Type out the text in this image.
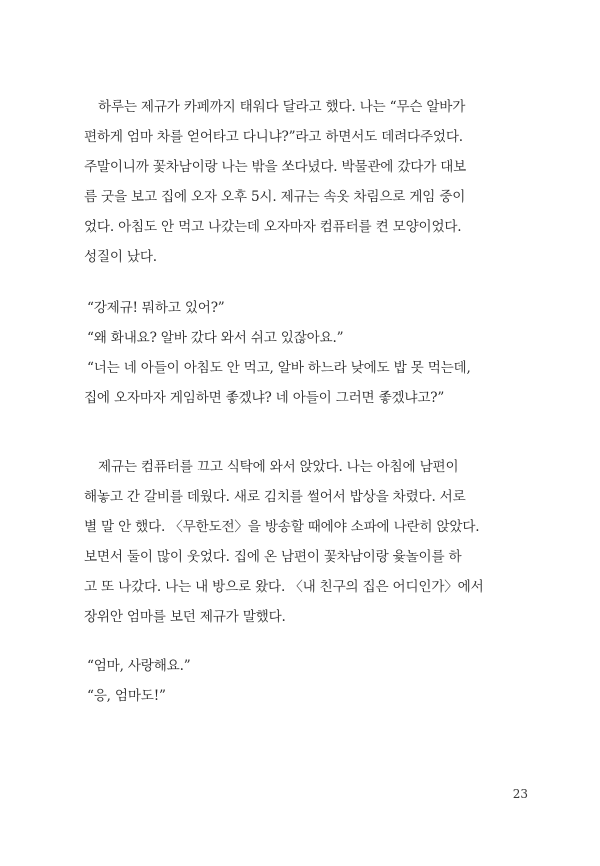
하루는 제규가 카페까지 태워다 달라고 했다. 나는 “무슨 알바가
편하게 엄마 차를 얻어타고 다니냐?”라고 하면서도 데려다주었다.
주말이니까 꽃차남이랑 나는 밖을 쏘다녔다. 박물관에 갔다가 대보
름 굿을 보고 집에 오자 오후 5시. 제규는 속옷 차림으로 게임 중이
었다. 아침도 안 먹고 나갔는데 오자마자 컴퓨터를 켠 모양이었다.
성질이 났다.
“강제규! 뭐하고 있어?”
“왜 화내요? 알바 갔다 와서 쉬고 있잖아요.”
“너는 네 아들이 아침도 안 먹고, 알바 하느라 낮에도 밥 못 먹는데,
집에 오자마자 게임하면 좋겠냐? 네 아들이 그러면 좋겠냐고?”
제규는 컴퓨터를 끄고 식탁에 와서 앉았다. 나는 아침에 남편이
해놓고 간 갈비를 데웠다. 새로 김치를 썰어서 밥상을 차렸다. 서로
별 말 안 했다. 〈무한도전〉을 방송할 때에야 소파에 나란히 앉았다.
보면서 둘이 많이 웃었다. 집에 온 남편이 꽃차남이랑 윷놀이를 하
고 또 나갔다. 나는 내 방으로 왔다. 〈내 친구의 집은 어디인가〉에서
장위안 엄마를 보던 제규가 말했다.
“엄마, 사랑해요.”
“응, 엄마도!”
23
